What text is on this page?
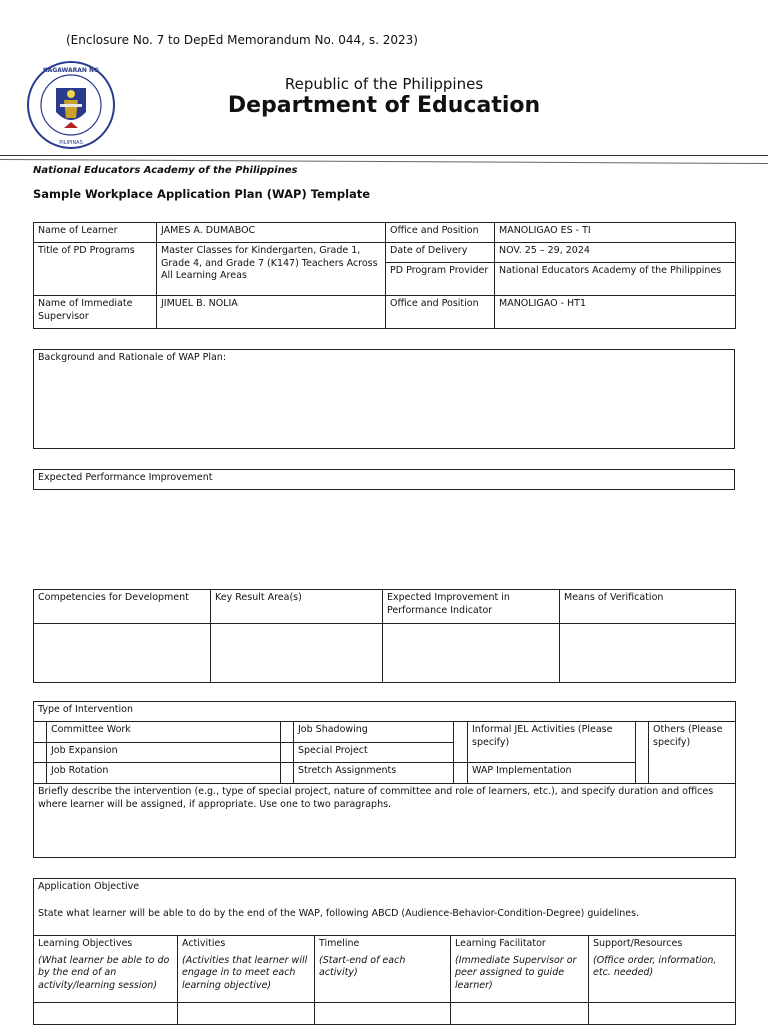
(Enclosure No. 7 to DepEd Memorandum No. 044, s. 2023)
KAGAWARAN NG
PILIPINAS
Republic of the Philippines
Department of Education
National Educators Academy of the Philippines
Sample Workplace Application Plan (WAP) Template
Name of Learner	JAMES A. DUMABOC	Office and Position	MANOLIGAO ES - TI
Title of PD Programs	Master Classes for Kindergarten, Grade 1, Grade 4, and Grade 7 (K147) Teachers Across All Learning Areas	Date of Delivery	NOV. 25 – 29, 2024
		PD Program Provider	National Educators Academy of the Philippines
Name of Immediate Supervisor	JIMUEL B. NOLIA	Office and Position	MANOLIGAO - HT1
Background and Rationale of WAP Plan:
Expected Performance Improvement
Competencies for Development	Key Result Area(s)	Expected Improvement in Performance Indicator	Means of Verification

Type of Intervention							
	Committee Work		Job Shadowing		Informal JEL Activities (Please specify)		Others (Please specify)
	Job Expansion		Special Project				
	Job Rotation		Stretch Assignments		WAP Implementation		
Briefly describe the intervention (e.g., type of special project, nature of committee and role of learners, etc.), and specify duration and offices where learner will be assigned, if appropriate. Use one to two paragraphs.							
Application Objective
State what learner will be able to do by the end of the WAP, following ABCD (Audience-Behavior-Condition-Degree) guidelines.				

Learning Objectives	Activities	Timeline	Learning Facilitator	Support/Resources
(What learner be able to do by the end of an activity/learning session)	(Activities that learner will engage in to meet each learning objective)	(Start-end of each activity)	(Immediate Supervisor or peer assigned to guide learner)	(Office order, information, etc. needed)
